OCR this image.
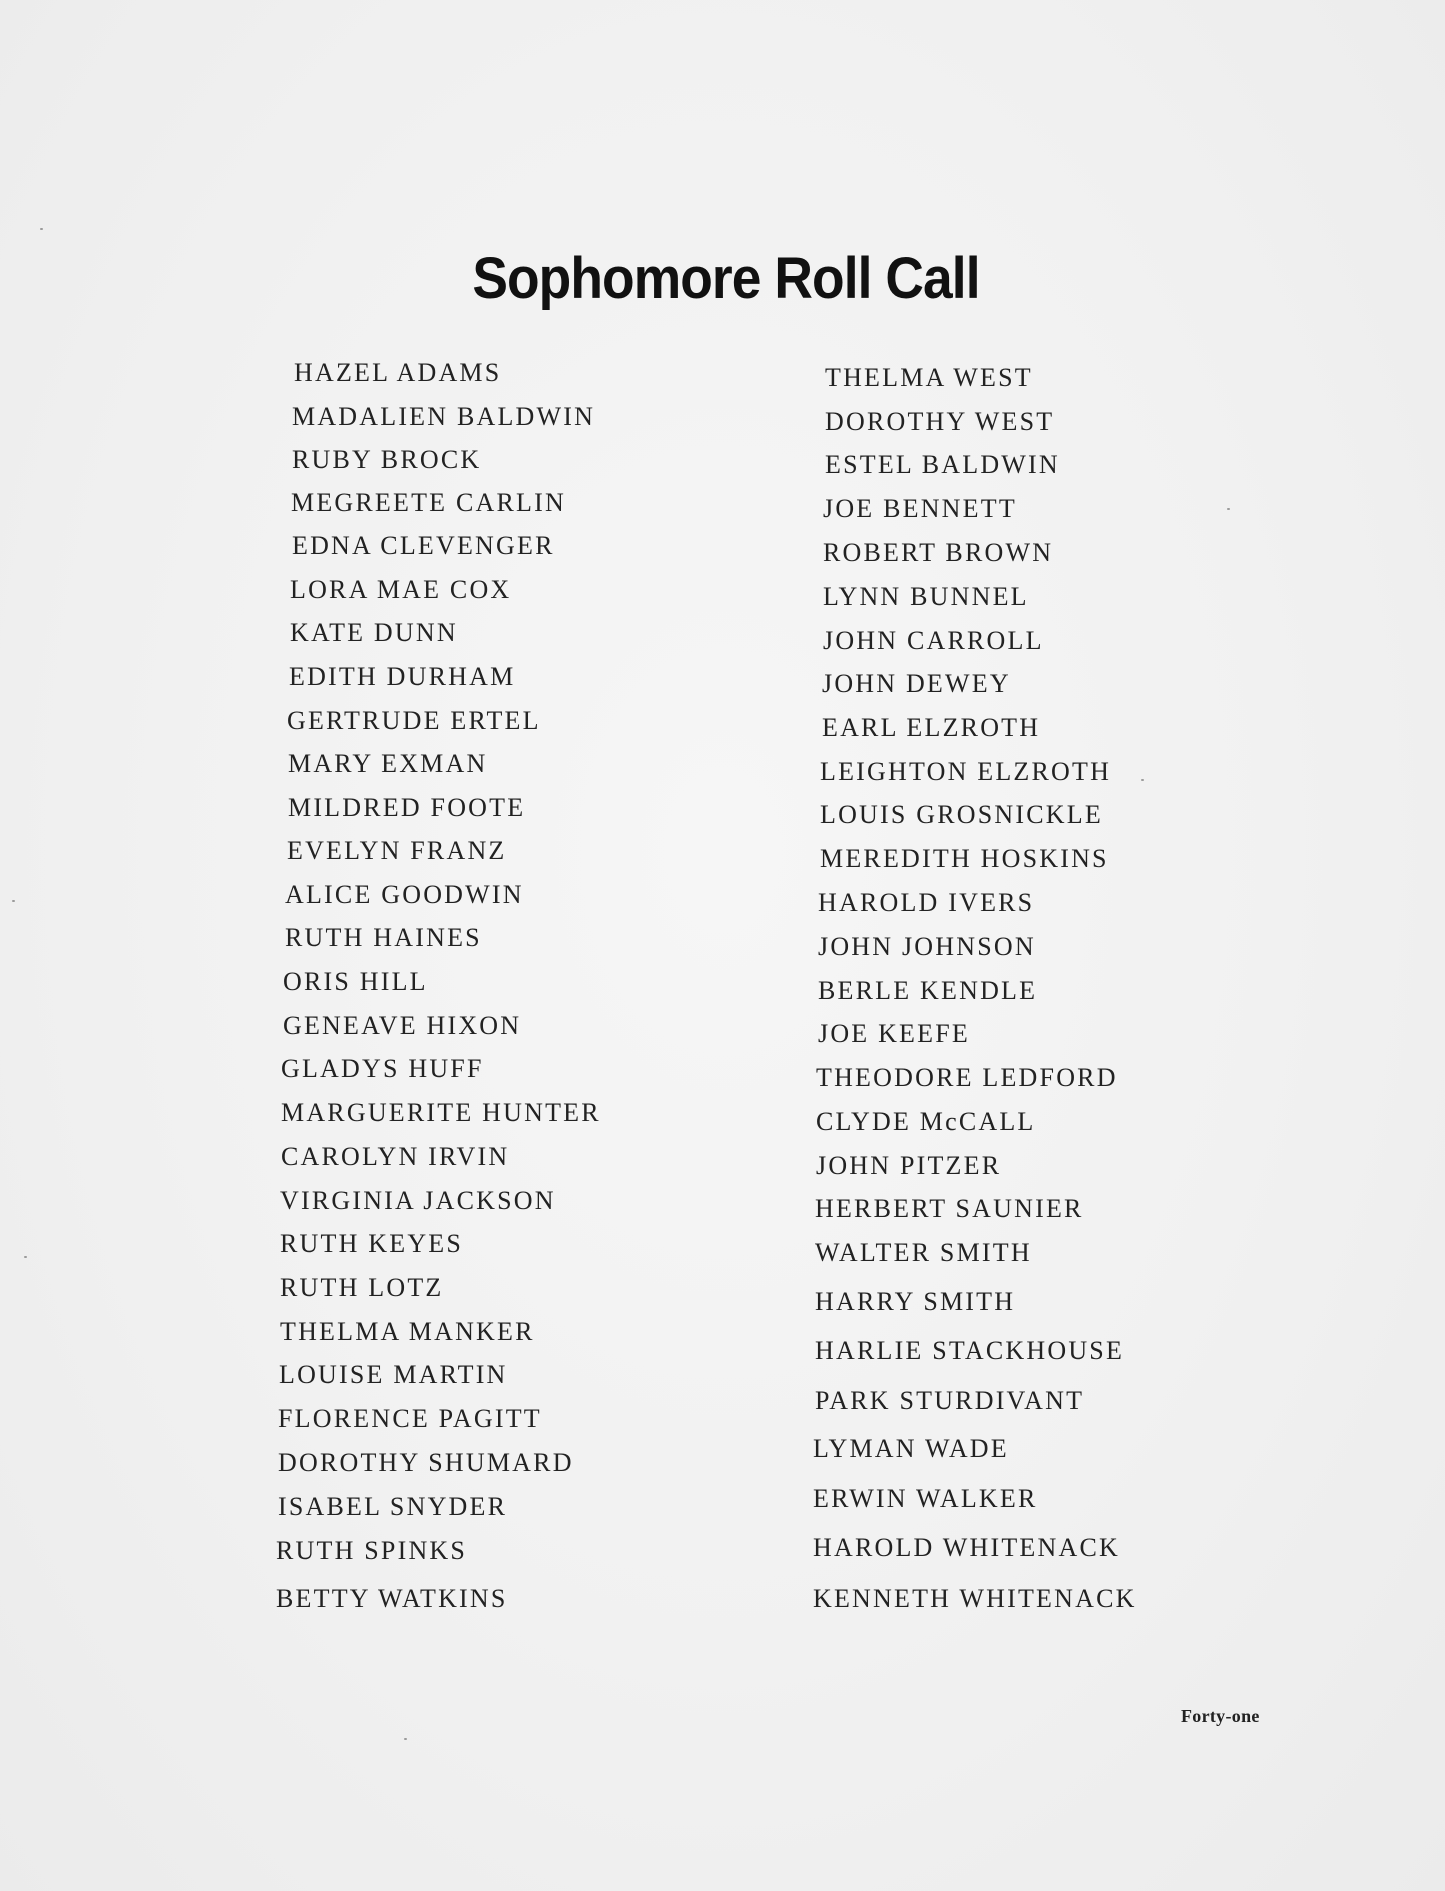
Sophomore Roll Call
HAZEL ADAMS
MADALIEN BALDWIN
RUBY BROCK
MEGREETE CARLIN
EDNA CLEVENGER
LORA MAE COX
KATE DUNN
EDITH DURHAM
GERTRUDE ERTEL
MARY EXMAN
MILDRED FOOTE
EVELYN FRANZ
ALICE GOODWIN
RUTH HAINES
ORIS HILL
GENEAVE HIXON
GLADYS HUFF
MARGUERITE HUNTER
CAROLYN IRVIN
VIRGINIA JACKSON
RUTH KEYES
RUTH LOTZ
THELMA MANKER
LOUISE MARTIN
FLORENCE PAGITT
DOROTHY SHUMARD
ISABEL SNYDER
RUTH SPINKS
BETTY WATKINS
THELMA WEST
DOROTHY WEST
ESTEL BALDWIN
JOE BENNETT
ROBERT BROWN
LYNN BUNNEL
JOHN CARROLL
JOHN DEWEY
EARL ELZROTH
LEIGHTON ELZROTH
LOUIS GROSNICKLE
MEREDITH HOSKINS
HAROLD IVERS
JOHN JOHNSON
BERLE KENDLE
JOE KEEFE
THEODORE LEDFORD
CLYDE McCALL
JOHN PITZER
HERBERT SAUNIER
WALTER SMITH
HARRY SMITH
HARLIE STACKHOUSE
PARK STURDIVANT
LYMAN WADE
ERWIN WALKER
HAROLD WHITENACK
KENNETH WHITENACK
Forty-one
